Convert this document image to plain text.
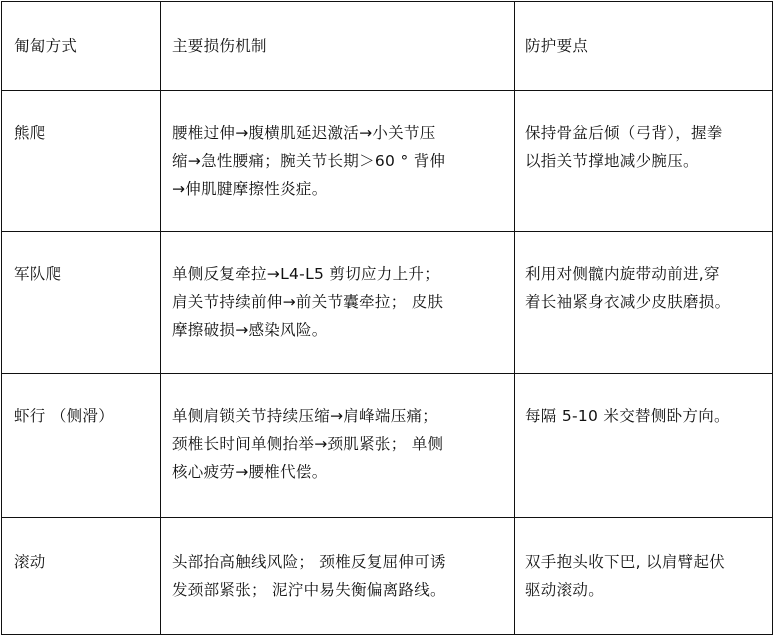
匍匐方式	主要损伤机制	防护要点

熊爬	腰椎过伸→腹横肌延迟激活→小关节压
缩→急性腰痛；腕关节长期＞60 ° 背伸
→伸肌腱摩擦性炎症。	保持骨盆后倾（弓背），握拳
以指关节撑地减少腕压。

军队爬	单侧反复牵拉→L4-L5 剪切应力上升；
肩关节持续前伸→前关节囊牵拉； 皮肤
摩擦破损→感染风险。	利用对侧髋内旋带动前进,穿
着长袖紧身衣减少皮肤磨损。

虾行 （侧滑）	单侧肩锁关节持续压缩→肩峰端压痛；
颈椎长时间单侧抬举→颈肌紧张； 单侧
核心疲劳→腰椎代偿。	每隔 5-10 米交替侧卧方向。

滚动	头部抬高触线风险； 颈椎反复屈伸可诱
发颈部紧张； 泥泞中易失衡偏离路线。	双手抱头收下巴, 以肩臂起伏
驱动滚动。
